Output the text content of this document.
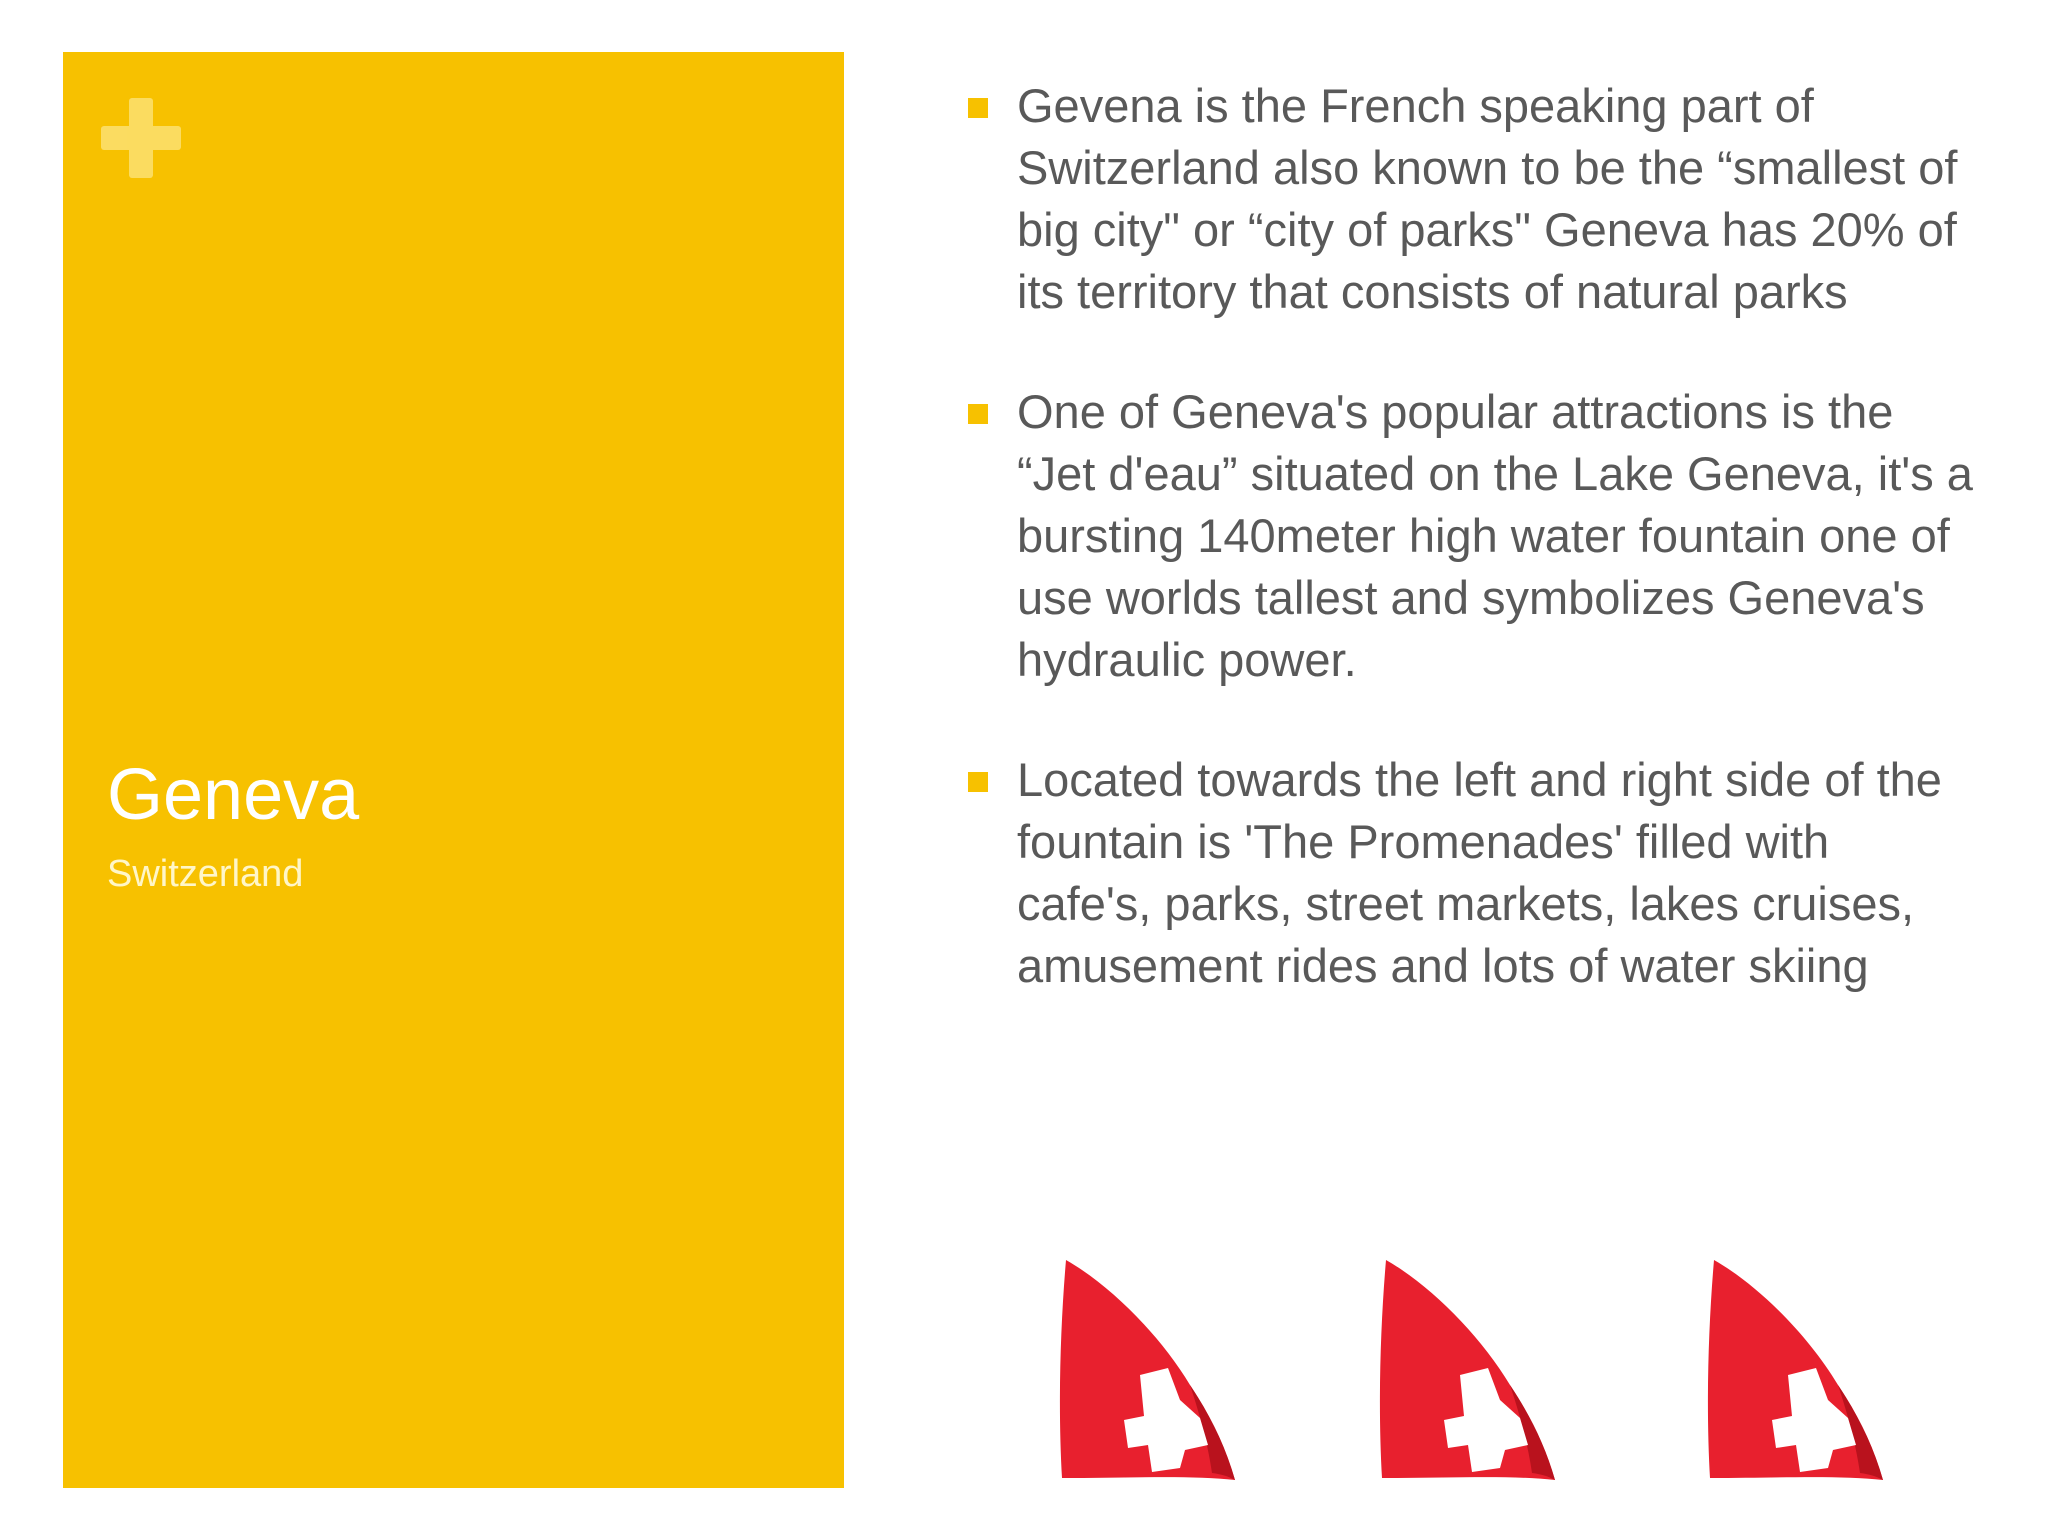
Geneva

Switzerland

Gevena is the French speaking part of Switzerland also known to be the “smallest of big city" or “city of parks" Geneva has 20% of its territory that consists of natural parks
One of Geneva's popular attractions is the “Jet d'eau” situated on the Lake Geneva, it's a bursting 140meter high water fountain one of use worlds tallest and symbolizes Geneva's hydraulic power.
Located towards the left and right side of the fountain is 'The Promenades' filled with cafe's, parks, street markets, lakes cruises, amusement rides and lots of water skiing
